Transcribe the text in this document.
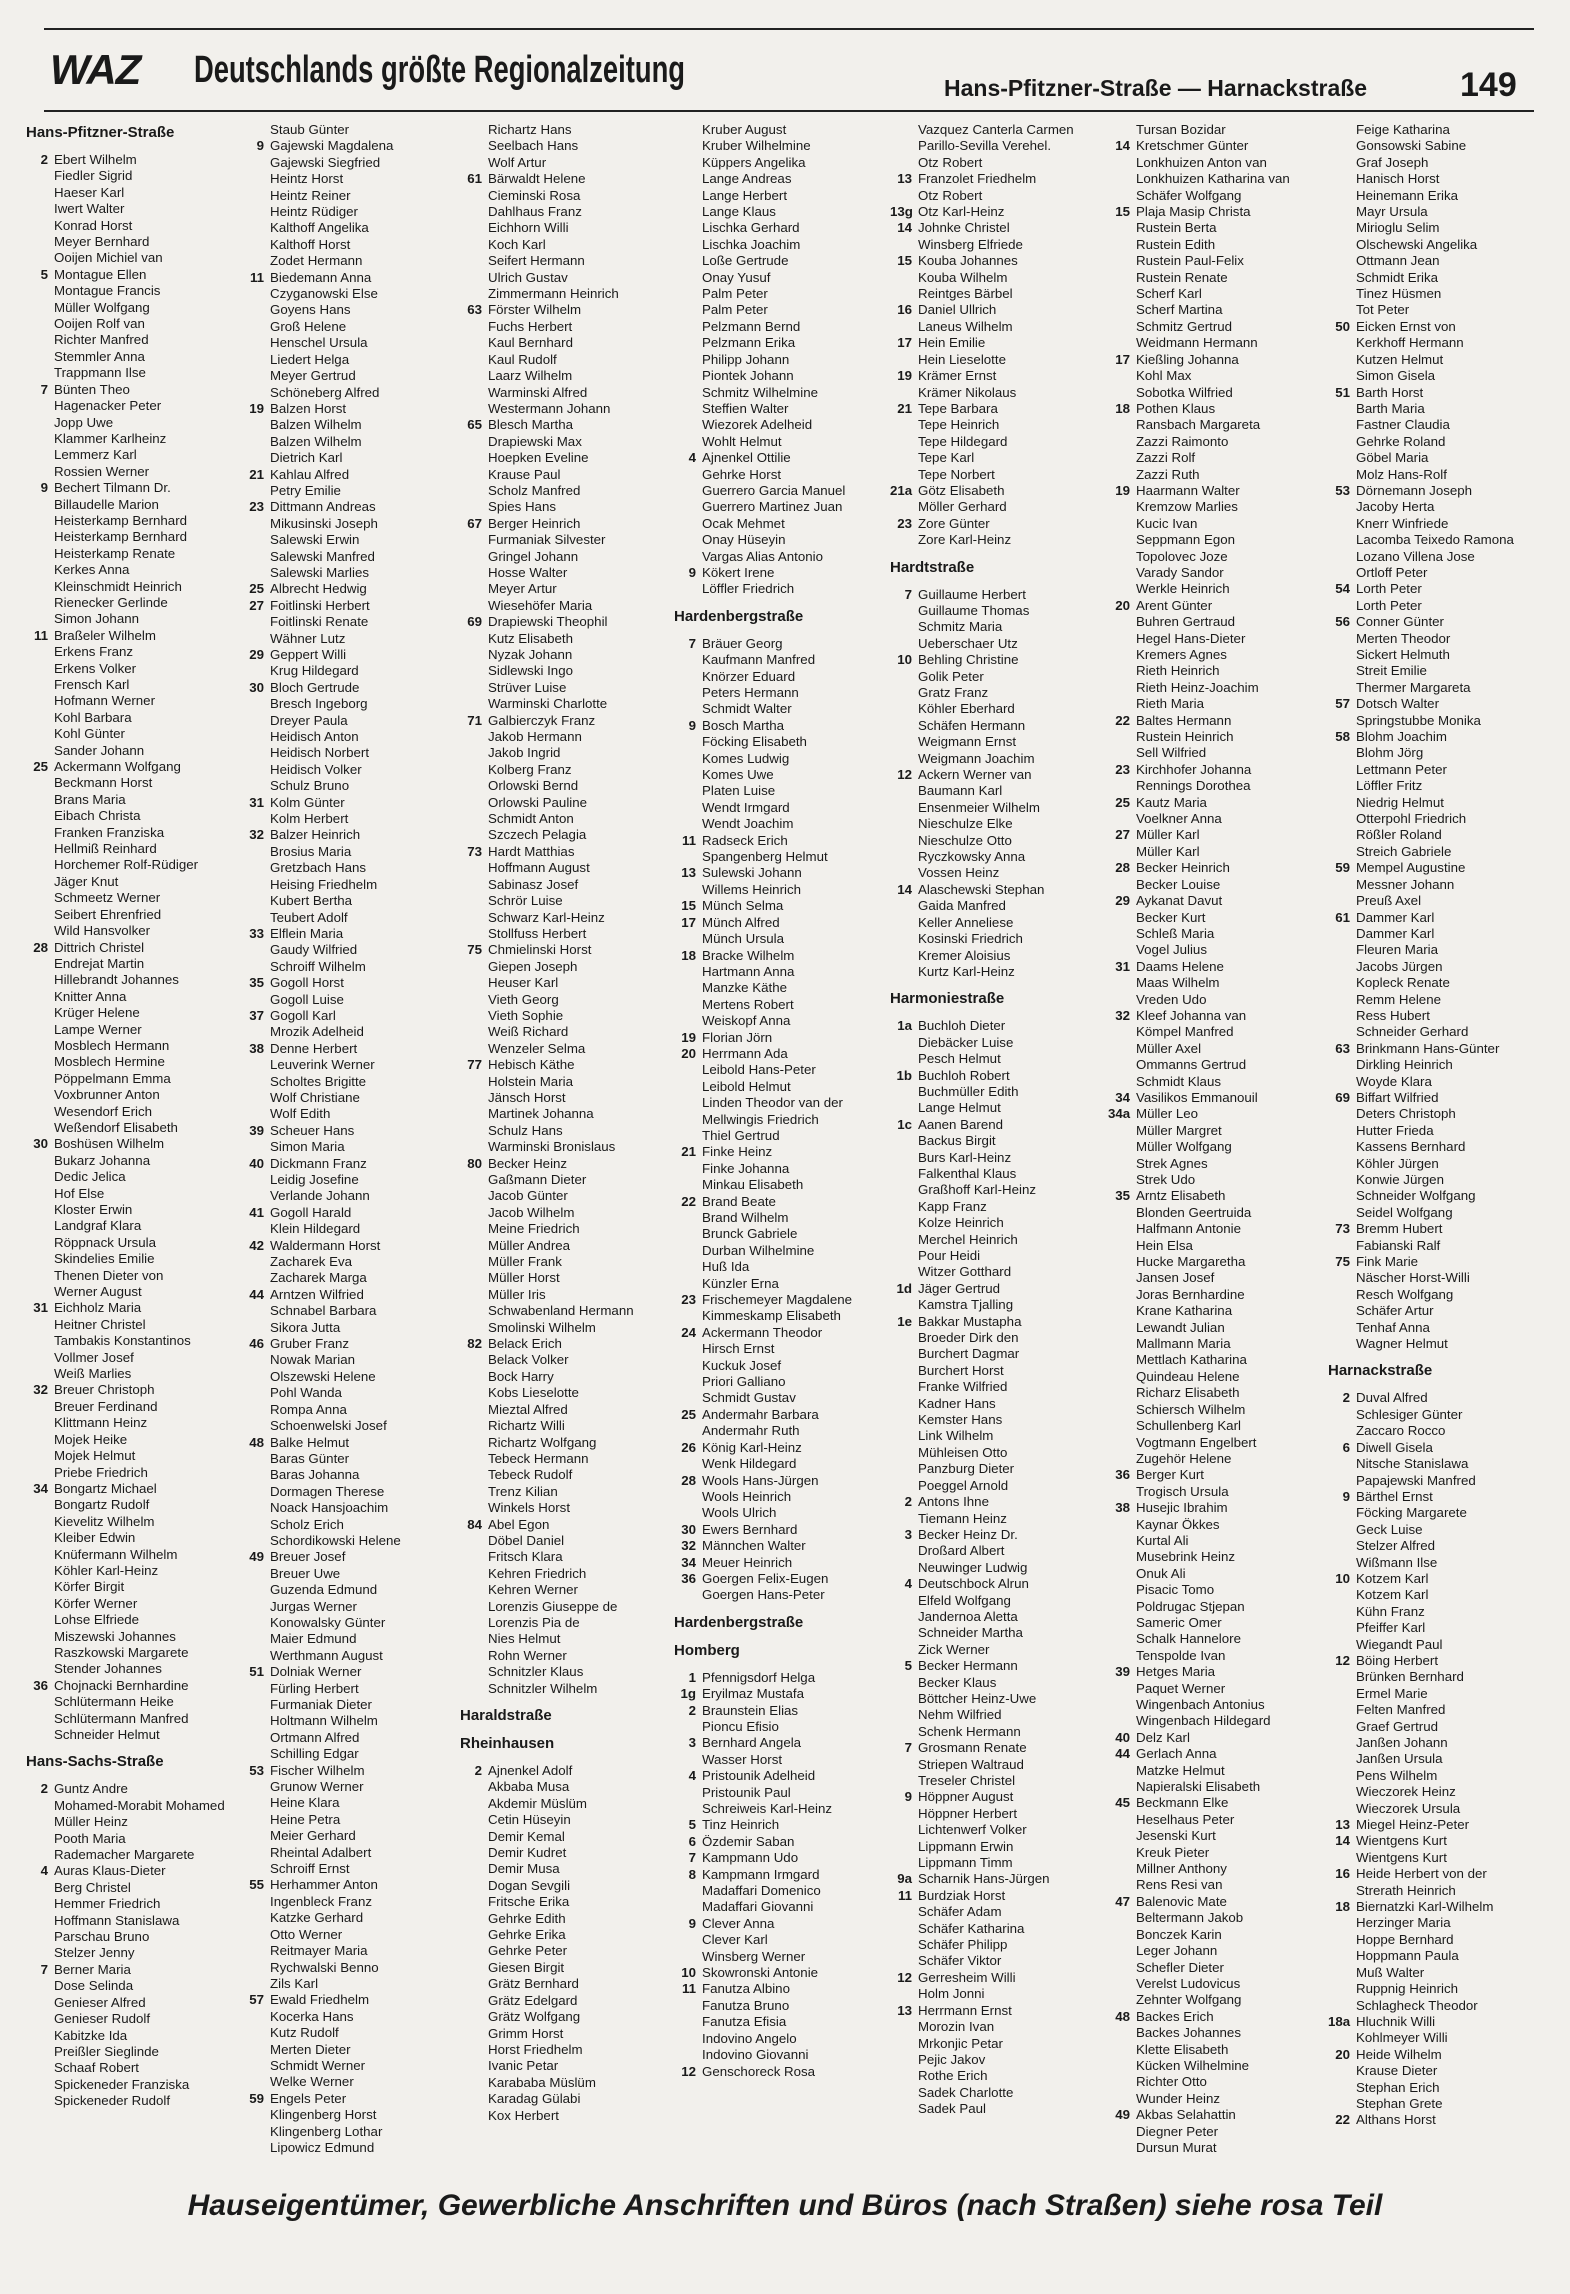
WAZ Deutschlands größte Regionalzeitung	Hans-Pfitzner-Straße — Harnackstraße	149
Hans-Pfitzner-Straße
2 Ebert Wilhelm
Fiedler Sigrid
Haeser Karl
Iwert Walter
Konrad Horst
Meyer Bernhard
Ooijen Michiel van
5 Montague Ellen
Montague Francis
Müller Wolfgang
Ooijen Rolf van
Richter Manfred
Stemmler Anna
Trappmann Ilse
7 Bünten Theo
Hagenacker Peter
Jopp Uwe
Klammer Karlheinz
Lemmerz Karl
Rossien Werner
9 Bechert Tilmann Dr.
Billaudelle Marion
Heisterkamp Bernhard
Heisterkamp Bernhard
Heisterkamp Renate
Kerkes Anna
Kleinschmidt Heinrich
Rienecker Gerlinde
Simon Johann
11 Braßeler Wilhelm
Erkens Franz
Erkens Volker
Frensch Karl
Hofmann Werner
Kohl Barbara
Kohl Günter
Sander Johann
25 Ackermann Wolfgang
Beckmann Horst
Brans Maria
Eibach Christa
Franken Franziska
Hellmiß Reinhard
Horchemer Rolf-Rüdiger
Jäger Knut
Schmeetz Werner
Seibert Ehrenfried
Wild Hansvolker
28 Dittrich Christel
Endrejat Martin
Hillebrandt Johannes
Knitter Anna
Krüger Helene
Lampe Werner
Mosblech Hermann
Mosblech Hermine
Pöppelmann Emma
Voxbrunner Anton
Wesendorf Erich
Weßendorf Elisabeth
30 Boshüsen Wilhelm
Bukarz Johanna
Dedic Jelica
Hof Else
Kloster Erwin
Landgraf Klara
Röppnack Ursula
Skindelies Emilie
Thenen Dieter von
Werner August
31 Eichholz Maria
Heitner Christel
Tambakis Konstantinos
Vollmer Josef
Weiß Marlies
32 Breuer Christoph
Breuer Ferdinand
Klittmann Heinz
Mojek Heike
Mojek Helmut
Priebe Friedrich
34 Bongartz Michael
Bongartz Rudolf
Kievelitz Wilhelm
Kleiber Edwin
Knüfermann Wilhelm
Köhler Karl-Heinz
Körfer Birgit
Körfer Werner
Lohse Elfriede
Miszewski Johannes
Raszkowski Margarete
Stender Johannes
36 Chojnacki Bernhardine
Schlütermann Heike
Schlütermann Manfred
Schneider Helmut
Hans-Sachs-Straße
2 Guntz Andre
Mohamed-Morabit Mohamed
Müller Heinz
Pooth Maria
Rademacher Margarete
4 Auras Klaus-Dieter
Berg Christel
Hemmer Friedrich
Hoffmann Stanislawa
Parschau Bruno
Stelzer Jenny
7 Berner Maria
Dose Selinda
Genieser Alfred
Genieser Rudolf
Kabitzke Ida
Preißler Sieglinde
Schaaf Robert
Spickeneder Franziska
Spickeneder Rudolf
Staub Günter
9 Gajewski Magdalena
Gajewski Siegfried
Heintz Horst
Heintz Reiner
Heintz Rüdiger
Kalthoff Angelika
Kalthoff Horst
Zodet Hermann
11 Biedemann Anna
Czyganowski Else
Goyens Hans
Groß Helene
Henschel Ursula
Liedert Helga
Meyer Gertrud
Schöneberg Alfred
19 Balzen Horst
Balzen Wilhelm
Balzen Wilhelm
Dietrich Karl
21 Kahlau Alfred
Petry Emilie
23 Dittmann Andreas
Mikusinski Joseph
Salewski Erwin
Salewski Manfred
Salewski Marlies
25 Albrecht Hedwig
27 Foitlinski Herbert
Foitlinski Renate
Wähner Lutz
29 Geppert Willi
Krug Hildegard
30 Bloch Gertrude
Bresch Ingeborg
Dreyer Paula
Heidisch Anton
Heidisch Norbert
Heidisch Volker
Schulz Bruno
31 Kolm Günter
Kolm Herbert
32 Balzer Heinrich
Brosius Maria
Gretzbach Hans
Heising Friedhelm
Kubert Bertha
Teubert Adolf
33 Elflein Maria
Gaudy Wilfried
Schroiff Wilhelm
35 Gogoll Horst
Gogoll Luise
37 Gogoll Karl
Mrozik Adelheid
38 Denne Herbert
Leuverink Werner
Scholtes Brigitte
Wolf Christiane
Wolf Edith
39 Scheuer Hans
Simon Maria
40 Dickmann Franz
Leidig Josefine
Verlande Johann
41 Gogoll Harald
Klein Hildegard
42 Waldermann Horst
Zacharek Eva
Zacharek Marga
44 Arntzen Wilfried
Schnabel Barbara
Sikora Jutta
46 Gruber Franz
Nowak Marian
Olszewski Helene
Pohl Wanda
Rompa Anna
Schoenwelski Josef
48 Balke Helmut
Baras Günter
Baras Johanna
Dormagen Therese
Noack Hansjoachim
Scholz Erich
Schordikowski Helene
49 Breuer Josef
Breuer Uwe
Guzenda Edmund
Jurgas Werner
Konowalsky Günter
Maier Edmund
Werthmann August
51 Dolniak Werner
Fürling Herbert
Furmaniak Dieter
Holtmann Wilhelm
Ortmann Alfred
Schilling Edgar
53 Fischer Wilhelm
Grunow Werner
Heine Klara
Heine Petra
Meier Gerhard
Rheintal Adalbert
Schroiff Ernst
55 Herhammer Anton
Ingenbleck Franz
Katzke Gerhard
Otto Werner
Reitmayer Maria
Rychwalski Benno
Zils Karl
57 Ewald Friedhelm
Kocerka Hans
Kutz Rudolf
Merten Dieter
Schmidt Werner
Welke Werner
59 Engels Peter
Klingenberg Horst
Klingenberg Lothar
Lipowicz Edmund
Richartz Hans
Seelbach Hans
Wolf Artur
61 Bärwaldt Helene
Cieminski Rosa
Dahlhaus Franz
Eichhorn Willi
Koch Karl
Seifert Hermann
Ulrich Gustav
Zimmermann Heinrich
63 Förster Wilhelm
Fuchs Herbert
Kaul Bernhard
Kaul Rudolf
Laarz Wilhelm
Warminski Alfred
Westermann Johann
65 Blesch Martha
Drapiewski Max
Hoepken Eveline
Krause Paul
Scholz Manfred
Spies Hans
67 Berger Heinrich
Furmaniak Silvester
Gringel Johann
Hosse Walter
Meyer Artur
Wiesehöfer Maria
69 Drapiewski Theophil
Kutz Elisabeth
Nyzak Johann
Sidlewski Ingo
Strüver Luise
Warminski Charlotte
71 Galbierczyk Franz
Jakob Hermann
Jakob Ingrid
Kolberg Franz
Orlowski Bernd
Orlowski Pauline
Schmidt Anton
Szczech Pelagia
73 Hardt Matthias
Hoffmann August
Sabinasz Josef
Schrör Luise
Schwarz Karl-Heinz
Stollfuss Herbert
75 Chmielinski Horst
Giepen Joseph
Heuser Karl
Vieth Georg
Vieth Sophie
Weiß Richard
Wenzeler Selma
77 Hebisch Käthe
Holstein Maria
Jänsch Horst
Martinek Johanna
Schulz Hans
Warminski Bronislaus
80 Becker Heinz
Gaßmann Dieter
Jacob Günter
Jacob Wilhelm
Meine Friedrich
Müller Andrea
Müller Frank
Müller Horst
Müller Iris
Schwabenland Hermann
Smolinski Wilhelm
82 Belack Erich
Belack Volker
Bock Harry
Kobs Lieselotte
Mieztal Alfred
Richartz Willi
Richartz Wolfgang
Tebeck Hermann
Tebeck Rudolf
Trenz Kilian
Winkels Horst
84 Abel Egon
Döbel Daniel
Fritsch Klara
Kehren Friedrich
Kehren Werner
Lorenzis Giuseppe de
Lorenzis Pia de
Nies Helmut
Rohn Werner
Schnitzler Klaus
Schnitzler Wilhelm
Haraldstraße
Rheinhausen
2 Ajnenkel Adolf
Akbaba Musa
Akdemir Müslüm
Cetin Hüseyin
Demir Kemal
Demir Kudret
Demir Musa
Dogan Sevgili
Fritsche Erika
Gehrke Edith
Gehrke Erika
Gehrke Peter
Giesen Birgit
Grätz Bernhard
Grätz Edelgard
Grätz Wolfgang
Grimm Horst
Horst Friedhelm
Ivanic Petar
Karababa Müslüm
Karadag Gülabi
Kox Herbert
Kruber August
Kruber Wilhelmine
Küppers Angelika
Lange Andreas
Lange Herbert
Lange Klaus
Lischka Gerhard
Lischka Joachim
Loße Gertrude
Onay Yusuf
Palm Peter
Palm Peter
Pelzmann Bernd
Pelzmann Erika
Philipp Johann
Piontek Johann
Schmitz Wilhelmine
Steffien Walter
Wiezorek Adelheid
Wohlt Helmut
4 Ajnenkel Ottilie
Gehrke Horst
Guerrero Garcia Manuel
Guerrero Martinez Juan
Ocak Mehmet
Onay Hüseyin
Vargas Alias Antonio
9 Kökert Irene
Löffler Friedrich
Hardenbergstraße
7 Bräuer Georg
Kaufmann Manfred
Knörzer Eduard
Peters Hermann
Schmidt Walter
9 Bosch Martha
Föcking Elisabeth
Komes Ludwig
Komes Uwe
Platen Luise
Wendt Irmgard
Wendt Joachim
11 Radseck Erich
Spangenberg Helmut
13 Sulewski Johann
Willems Heinrich
15 Münch Selma
17 Münch Alfred
Münch Ursula
18 Bracke Wilhelm
Hartmann Anna
Manzke Käthe
Mertens Robert
Weiskopf Anna
19 Florian Jörn
20 Herrmann Ada
Leibold Hans-Peter
Leibold Helmut
Linden Theodor van der
Mellwingis Friedrich
Thiel Gertrud
21 Finke Heinz
Finke Johanna
Minkau Elisabeth
22 Brand Beate
Brand Wilhelm
Brunck Gabriele
Durban Wilhelmine
Huß Ida
Künzler Erna
23 Frischemeyer Magdalene
Kimmeskamp Elisabeth
24 Ackermann Theodor
Hirsch Ernst
Kuckuk Josef
Priori Galliano
Schmidt Gustav
25 Andermahr Barbara
Andermahr Ruth
26 König Karl-Heinz
Wenk Hildegard
28 Wools Hans-Jürgen
Wools Heinrich
Wools Ulrich
30 Ewers Bernhard
32 Männchen Walter
34 Meuer Heinrich
36 Goergen Felix-Eugen
Goergen Hans-Peter
Hardenbergstraße
Homberg
1 Pfennigsdorf Helga
1g Eryilmaz Mustafa
2 Braunstein Elias
Pioncu Efisio
3 Bernhard Angela
Wasser Horst
4 Pristounik Adelheid
Pristounik Paul
Schreiweis Karl-Heinz
5 Tinz Heinrich
6 Özdemir Saban
7 Kampmann Udo
8 Kampmann Irmgard
Madaffari Domenico
Madaffari Giovanni
9 Clever Anna
Clever Karl
Winsberg Werner
10 Skowronski Antonie
11 Fanutza Albino
Fanutza Bruno
Fanutza Efisia
Indovino Angelo
Indovino Giovanni
12 Genschoreck Rosa
Vazquez Canterla Carmen
Parillo-Sevilla Verehel.
Otz Robert
13 Franzolet Friedhelm
Otz Robert
13g Otz Karl-Heinz
14 Johnke Christel
Winsberg Elfriede
15 Kouba Johannes
Kouba Wilhelm
Reintges Bärbel
16 Daniel Ullrich
Laneus Wilhelm
17 Hein Emilie
Hein Lieselotte
19 Krämer Ernst
Krämer Nikolaus
21 Tepe Barbara
Tepe Heinrich
Tepe Hildegard
Tepe Karl
Tepe Norbert
21a Götz Elisabeth
Möller Gerhard
23 Zore Günter
Zore Karl-Heinz
Hardtstraße
7 Guillaume Herbert
Guillaume Thomas
Schmitz Maria
Ueberschaer Utz
10 Behling Christine
Golik Peter
Gratz Franz
Köhler Eberhard
Schäfen Hermann
Weigmann Ernst
Weigmann Joachim
12 Ackern Werner van
Baumann Karl
Ensenmeier Wilhelm
Nieschulze Elke
Nieschulze Otto
Ryczkowsky Anna
Vossen Heinz
14 Alaschewski Stephan
Gaida Manfred
Keller Anneliese
Kosinski Friedrich
Kremer Aloisius
Kurtz Karl-Heinz
Harmoniestraße
1a Buchloh Dieter
Diebäcker Luise
Pesch Helmut
1b Buchloh Robert
Buchmüller Edith
Lange Helmut
1c Aanen Barend
Backus Birgit
Burs Karl-Heinz
Falkenthal Klaus
Graßhoff Karl-Heinz
Kapp Franz
Kolze Heinrich
Merchel Heinrich
Pour Heidi
Witzer Gotthard
1d Jäger Gertrud
Kamstra Tjalling
1e Bakkar Mustapha
Broeder Dirk den
Burchert Dagmar
Burchert Horst
Franke Wilfried
Kadner Hans
Kemster Hans
Link Wilhelm
Mühleisen Otto
Panzburg Dieter
Poeggel Arnold
2 Antons Ihne
Tiemann Heinz
3 Becker Heinz Dr.
Droßard Albert
Neuwinger Ludwig
4 Deutschbock Alrun
Elfeld Wolfgang
Jandernoa Aletta
Schneider Martha
Zick Werner
5 Becker Hermann
Becker Klaus
Böttcher Heinz-Uwe
Nehm Wilfried
Schenk Hermann
7 Grosmann Renate
Striepen Waltraud
Treseler Christel
9 Höppner August
Höppner Herbert
Lichtenwerf Volker
Lippmann Erwin
Lippmann Timm
9a Scharnik Hans-Jürgen
11 Burdziak Horst
Schäfer Adam
Schäfer Katharina
Schäfer Philipp
Schäfer Viktor
12 Gerresheim Willi
Holm Jonni
13 Herrmann Ernst
Morozin Ivan
Mrkonjic Petar
Pejic Jakov
Rothe Erich
Sadek Charlotte
Sadek Paul
Tursan Bozidar
14 Kretschmer Günter
Lonkhuizen Anton van
Lonkhuizen Katharina van
Schäfer Wolfgang
15 Plaja Masip Christa
Rustein Berta
Rustein Edith
Rustein Paul-Felix
Rustein Renate
Scherf Karl
Scherf Martina
Schmitz Gertrud
Weidmann Hermann
17 Kießling Johanna
Kohl Max
Sobotka Wilfried
18 Pothen Klaus
Ransbach Margareta
Zazzi Raimonto
Zazzi Rolf
Zazzi Ruth
19 Haarmann Walter
Kremzow Marlies
Kucic Ivan
Seppmann Egon
Topolovec Joze
Varady Sandor
Werkle Heinrich
20 Arent Günter
Buhren Gertraud
Hegel Hans-Dieter
Kremers Agnes
Rieth Heinrich
Rieth Heinz-Joachim
Rieth Maria
22 Baltes Hermann
Rustein Heinrich
Sell Wilfried
23 Kirchhofer Johanna
Rennings Dorothea
25 Kautz Maria
Voelkner Anna
27 Müller Karl
Müller Karl
28 Becker Heinrich
Becker Louise
29 Aykanat Davut
Becker Kurt
Schleß Maria
Vogel Julius
31 Daams Helene
Maas Wilhelm
Vreden Udo
32 Kleef Johanna van
Kömpel Manfred
Müller Axel
Ommanns Gertrud
Schmidt Klaus
34 Vasilikos Emmanouil
34a Müller Leo
Müller Margret
Müller Wolfgang
Strek Agnes
Strek Udo
35 Arntz Elisabeth
Blonden Geertruida
Halfmann Antonie
Hein Elsa
Hucke Margaretha
Jansen Josef
Joras Bernhardine
Krane Katharina
Lewandt Julian
Mallmann Maria
Mettlach Katharina
Quindeau Helene
Richarz Elisabeth
Schiersch Wilhelm
Schullenberg Karl
Vogtmann Engelbert
Zugehör Helene
36 Berger Kurt
Trogisch Ursula
38 Husejic Ibrahim
Kaynar Ökkes
Kurtal Ali
Musebrink Heinz
Onuk Ali
Pisacic Tomo
Poldrugac Stjepan
Sameric Omer
Schalk Hannelore
Tenspolde Ivan
39 Hetges Maria
Paquet Werner
Wingenbach Antonius
Wingenbach Hildegard
40 Delz Karl
44 Gerlach Anna
Matzke Helmut
Napieralski Elisabeth
45 Beckmann Elke
Heselhaus Peter
Jesenski Kurt
Kreuk Pieter
Millner Anthony
Rens Resi van
47 Balenovic Mate
Beltermann Jakob
Bonczek Karin
Leger Johann
Schefler Dieter
Verelst Ludovicus
Zehnter Wolfgang
48 Backes Erich
Backes Johannes
Klette Elisabeth
Kücken Wilhelmine
Richter Otto
Wunder Heinz
49 Akbas Selahattin
Diegner Peter
Dursun Murat
Feige Katharina
Gonsowski Sabine
Graf Joseph
Hanisch Horst
Heinemann Erika
Mayr Ursula
Mirioglu Selim
Olschewski Angelika
Ottmann Jean
Schmidt Erika
Tinez Hüsmen
Tot Peter
50 Eicken Ernst von
Kerkhoff Hermann
Kutzen Helmut
Simon Gisela
51 Barth Horst
Barth Maria
Fastner Claudia
Gehrke Roland
Göbel Maria
Molz Hans-Rolf
53 Dörnemann Joseph
Jacoby Herta
Knerr Winfriede
Lacomba Teixedo Ramona
Lozano Villena Jose
Ortloff Peter
54 Lorth Peter
Lorth Peter
56 Conner Günter
Merten Theodor
Sickert Helmuth
Streit Emilie
Thermer Margareta
57 Dotsch Walter
Springstubbe Monika
58 Blohm Joachim
Blohm Jörg
Lettmann Peter
Löffler Fritz
Niedrig Helmut
Otterpohl Friedrich
Rößler Roland
Streich Gabriele
59 Mempel Augustine
Messner Johann
Preuß Axel
61 Dammer Karl
Dammer Karl
Fleuren Maria
Jacobs Jürgen
Kopleck Renate
Remm Helene
Ress Hubert
Schneider Gerhard
63 Brinkmann Hans-Günter
Dirkling Heinrich
Woyde Klara
69 Biffart Wilfried
Deters Christoph
Hutter Frieda
Kassens Bernhard
Köhler Jürgen
Konwie Jürgen
Schneider Wolfgang
Seidel Wolfgang
73 Bremm Hubert
Fabianski Ralf
75 Fink Marie
Näscher Horst-Willi
Resch Wolfgang
Schäfer Artur
Tenhaf Anna
Wagner Helmut
Harnackstraße
2 Duval Alfred
Schlesiger Günter
Zaccaro Rocco
6 Diwell Gisela
Nitsche Stanislawa
Papajewski Manfred
9 Bärthel Ernst
Föcking Margarete
Geck Luise
Stelzer Alfred
Wißmann Ilse
10 Kotzem Karl
Kotzem Karl
Kühn Franz
Pfeiffer Karl
Wiegandt Paul
12 Böing Herbert
Brünken Bernhard
Ermel Marie
Felten Manfred
Graef Gertrud
Janßen Johann
Janßen Ursula
Pens Wilhelm
Wieczorek Heinz
Wieczorek Ursula
13 Miegel Heinz-Peter
14 Wientgens Kurt
Wientgens Kurt
16 Heide Herbert von der
Strerath Heinrich
18 Biernatzki Karl-Wilhelm
Herzinger Maria
Hoppe Bernhard
Hoppmann Paula
Muß Walter
Ruppnig Heinrich
Schlagheck Theodor
18a Hluchnik Willi
Kohlmeyer Willi
20 Heide Wilhelm
Krause Dieter
Stephan Erich
Stephan Grete
22 Althans Horst
Hauseigentümer, Gewerbliche Anschriften und Büros (nach Straßen) siehe rosa Teil
